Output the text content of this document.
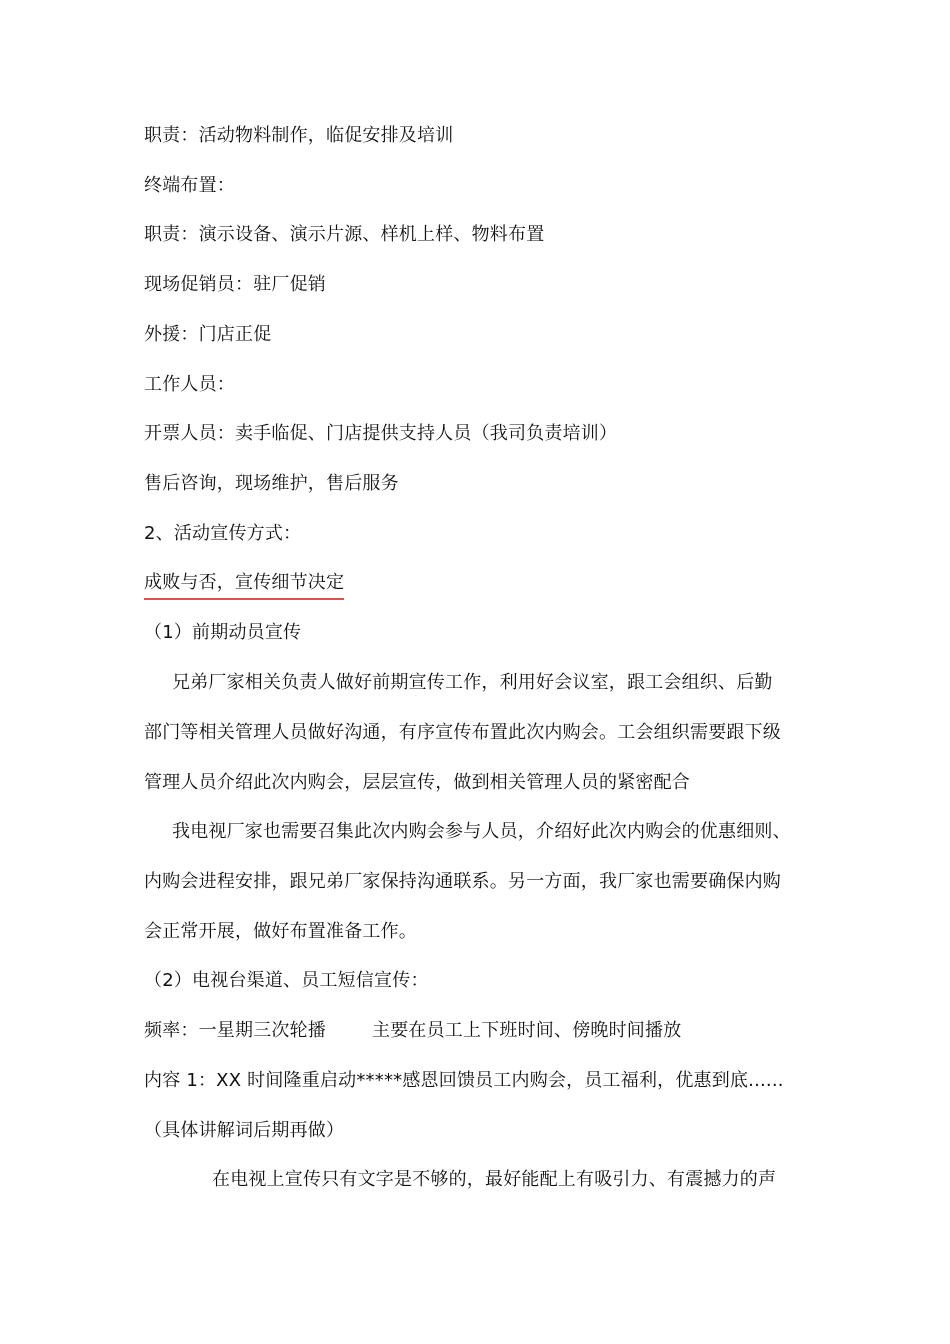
职责：活动物料制作，临促安排及培训
终端布置：
职责：演示设备、演示片源、样机上样、物料布置
现场促销员：驻厂促销
外援：门店正促
工作人员：
开票人员：卖手临促、门店提供支持人员（我司负责培训）
售后咨询，现场维护，售后服务
2、活动宣传方式：
成败与否，宣传细节决定
（1）前期动员宣传
兄弟厂家相关负责人做好前期宣传工作，利用好会议室，跟工会组织、后勤
部门等相关管理人员做好沟通，有序宣传布置此次内购会。工会组织需要跟下级
管理人员介绍此次内购会，层层宣传，做到相关管理人员的紧密配合
我电视厂家也需要召集此次内购会参与人员，介绍好此次内购会的优惠细则、
内购会进程安排，跟兄弟厂家保持沟通联系。另一方面，我厂家也需要确保内购
会正常开展，做好布置准备工作。
（2）电视台渠道、员工短信宣传：
频率：一星期三次轮播	主要在员工上下班时间、傍晚时间播放
内容 1：XX 时间隆重启动*****感恩回馈员工内购会，员工福利，优惠到底......
（具体讲解词后期再做）
在电视上宣传只有文字是不够的，最好能配上有吸引力、有震撼力的声
